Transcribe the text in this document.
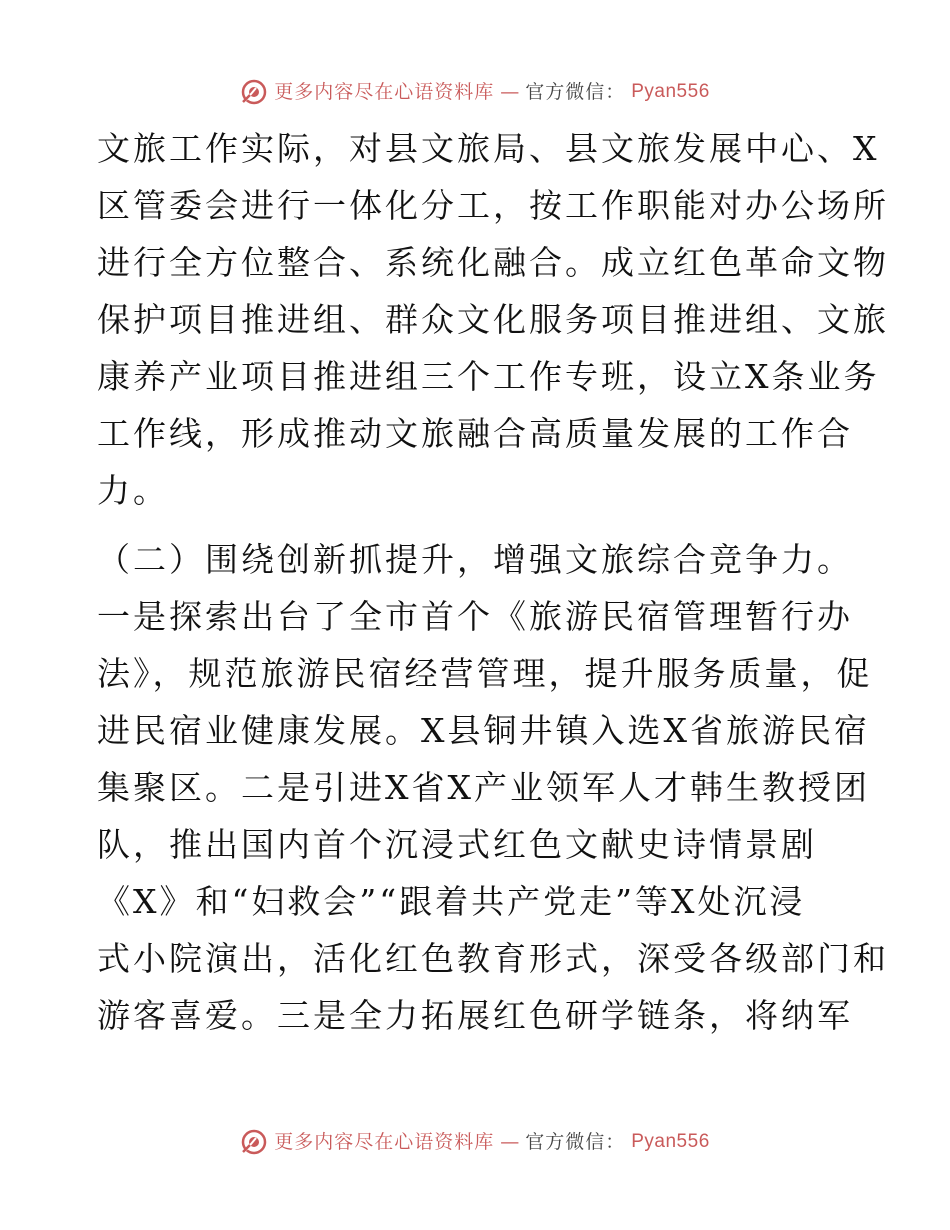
更多内容尽在心语资料库 — 官方微信： Pyan556
文旅工作实际，对县文旅局、县文旅发展中心、X
区管委会进行一体化分工，按工作职能对办公场所
进行全方位整合、系统化融合。成立红色革命文物
保护项目推进组、群众文化服务项目推进组、文旅
康养产业项目推进组三个工作专班，设立X条业务
工作线，形成推动文旅融合高质量发展的工作合
力。
（二）围绕创新抓提升，增强文旅综合竞争力。
一是探索出台了全市首个《旅游民宿管理暂行办
法》，规范旅游民宿经营管理，提升服务质量，促
进民宿业健康发展。X县铜井镇入选X省旅游民宿
集聚区。二是引进X省X产业领军人才韩生教授团
队，推出国内首个沉浸式红色文献史诗情景剧
《X》和“妇救会”“跟着共产党走”等X处沉浸
式小院演出，活化红色教育形式，深受各级部门和
游客喜爱。三是全力拓展红色研学链条，将纳军
更多内容尽在心语资料库 — 官方微信： Pyan556
